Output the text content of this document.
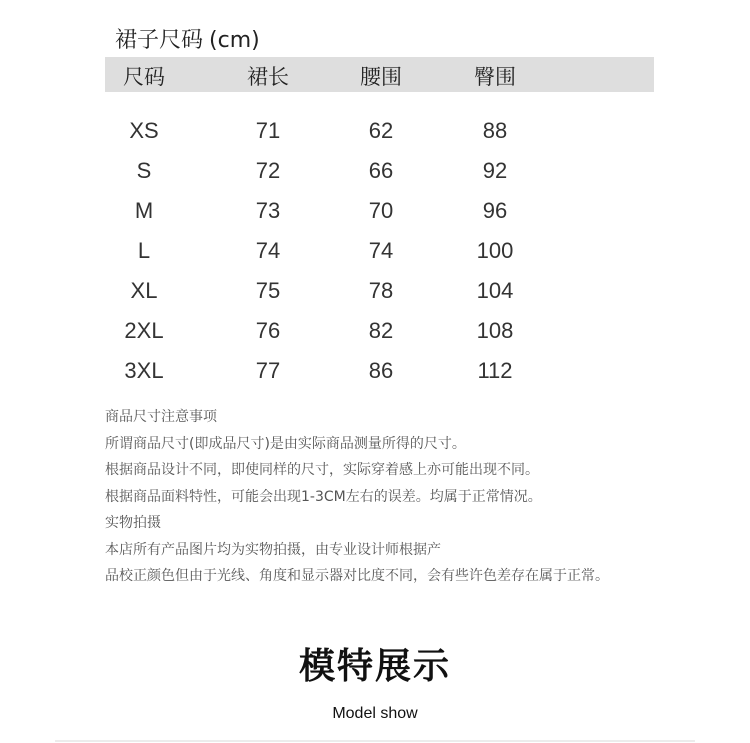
裙子尺码 (cm)
尺码	裙长	腰围	臀围
XS	71	62	88
S	72	66	92
M	73	70	96
L	74	74	100
XL	75	78	104
2XL	76	82	108
3XL	77	86	112
商品尺寸注意事项
所谓商品尺寸(即成品尺寸)是由实际商品测量所得的尺寸。
根据商品设计不同，即使同样的尺寸，实际穿着感上亦可能出现不同。
根据商品面料特性，可能会出现1-3CM左右的误差。均属于正常情况。
实物拍摄
本店所有产品图片均为实物拍摄，由专业设计师根据产
品校正颜色但由于光线、角度和显示器对比度不同，会有些许色差存在属于正常。
模特展示
Model show
